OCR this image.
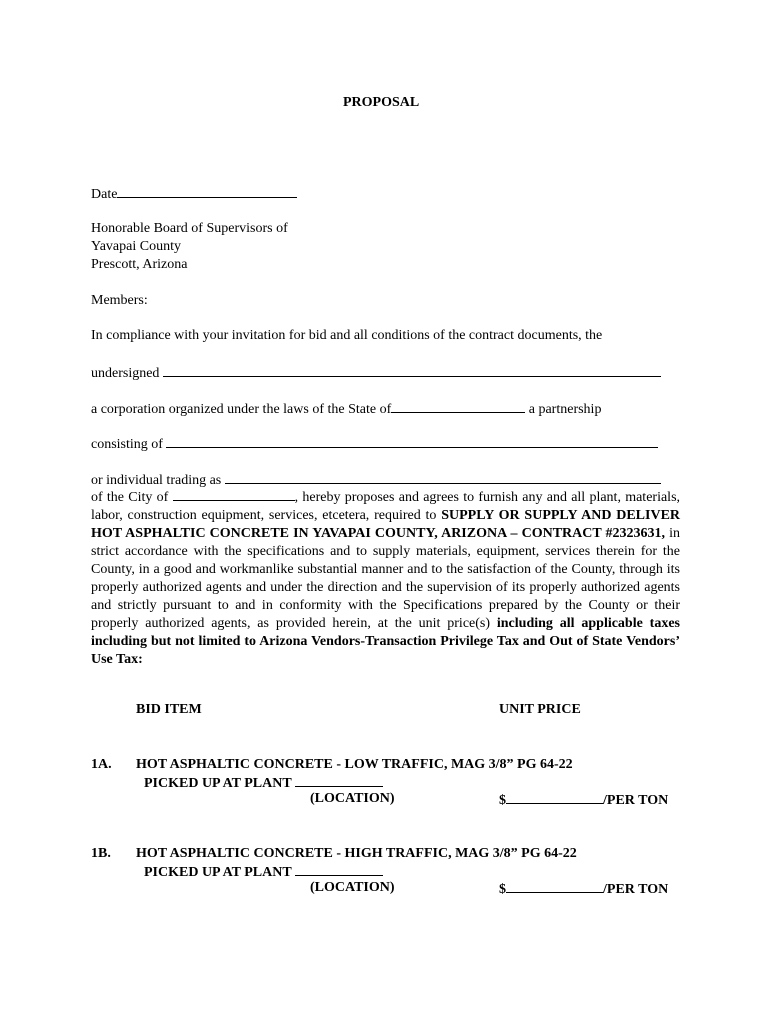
PROPOSAL
Date
Honorable Board of Supervisors of
Yavapai County
Prescott, Arizona
Members:
In compliance with your invitation for bid and all conditions of the contract documents, the
undersigned
a corporation organized under the laws of the State of	a partnership
consisting of
or individual trading as
of the City of	, hereby proposes and agrees to furnish any and all plant, materials, labor, construction equipment, services, etcetera, required to SUPPLY OR SUPPLY AND DELIVER HOT ASPHALTIC CONCRETE IN YAVAPAI COUNTY, ARIZONA – CONTRACT #2323631, in strict accordance with the specifications and to supply materials, equipment, services therein for the County, in a good and workmanlike substantial manner and to the satisfaction of the County, through its properly authorized agents and under the direction and the supervision of its properly authorized agents and strictly pursuant to and in conformity with the Specifications prepared by the County or their properly authorized agents, as provided herein, at the unit price(s) including all applicable taxes including but not limited to Arizona Vendors-Transaction Privilege Tax and Out of State Vendors’ Use Tax:
BID ITEM	UNIT PRICE
1A. HOT ASPHALTIC CONCRETE - LOW TRAFFIC, MAG 3/8” PG 64-22
PICKED UP AT PLANT
(LOCATION)	$	/PER TON
1B. HOT ASPHALTIC CONCRETE - HIGH TRAFFIC, MAG 3/8” PG 64-22
PICKED UP AT PLANT
(LOCATION)	$	/PER TON
